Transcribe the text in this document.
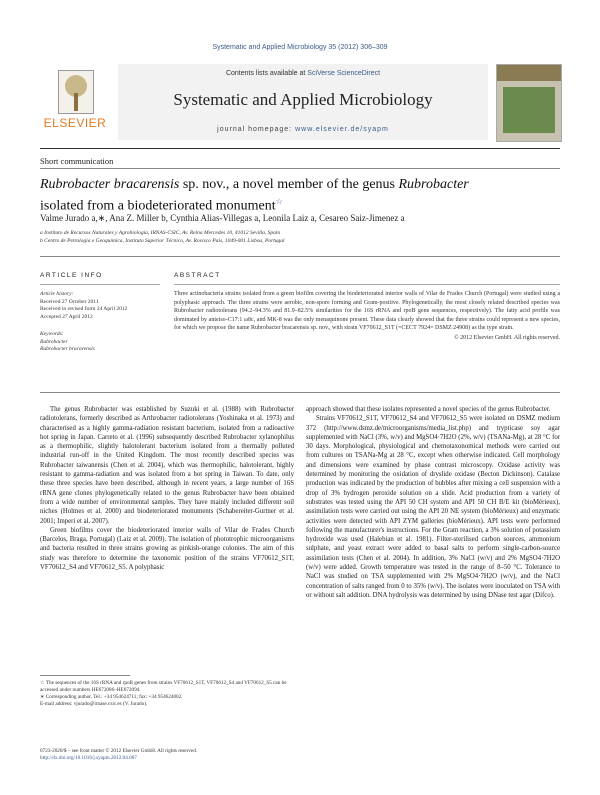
Systematic and Applied Microbiology 35 (2012) 306–309
ELSEVIER
Contents lists available at SciVerse ScienceDirect
Systematic and Applied Microbiology
journal homepage: www.elsevier.de/syapm
Short communication
Rubrobacter bracarensis sp. nov., a novel member of the genus Rubrobacter
isolated from a biodeteriorated monument☆
Valme Jurado a,∗, Ana Z. Miller b, Cynthia Alias-Villegas a, Leonila Laiz a, Cesareo Saiz-Jimenez a
a Instituto de Recursos Naturales y Agrobiología, IRNAS-CSIC, Av. Reina Mercedes 10, 41012 Sevilla, Spain
b Centro de Petrologia e Geoquímica, Instituto Superior Técnico, Av. Rovisco Pais, 1049-001 Lisboa, Portugal
ARTICLE INFO
Article history:
Received 27 October 2011
Received in revised form 24 April 2012
Accepted 27 April 2012
Keywords:
Rubrobacter
Rubrobacter bracarensis
ABSTRACT
Three actinobacteria strains isolated from a green biofilm covering the biodeteriorated interior walls of Vilar de Frades Church (Portugal) were studied using a polyphasic approach. The three strains were aerobic, non-spore forming and Gram-positive. Phylogenetically, the most closely related described species was Rubrobacter radiotolerans (94.2–94.3% and 81.9–82.5% similarities for the 16S rRNA and rpoB gene sequences, respectively). The fatty acid profile was dominated by anteiso-C17:1 ω8c, and MK-8 was the only menaquinone present. These data clearly showed that the three strains could represent a new species, for which we propose the name Rubrobacter bracarensis sp. nov., with strain VF70612_S1T (=CECT 7924= DSMZ 24908) as the type strain.
© 2012 Elsevier GmbH. All rights reserved.

The genus Rubrobacter was established by Suzuki et al. (1988) with Rubrobacter radiotolerans, formerly described as Arthrobacter radiotolerans (Yoshinaka et al. 1973) and characterised as a highly gamma-radiation resistant bacterium, isolated from a radioactive hot spring in Japan. Carreto et al. (1996) subsequently described Rubrobacter xylanophilus as a thermophilic, slightly halotolerant bacterium isolated from a thermally polluted industrial run-off in the United Kingdom. The most recently described species was Rubrobacter taiwanensis (Chen et al. 2004), which was thermophilic, halotolerant, highly resistant to gamma-radiation and was isolated from a hot spring in Taiwan. To date, only these three species have been described, although in recent years, a large number of 16S rRNA gene clones phylogenetically related to the genus Rubrobacter have been obtained from a wide number of environmental samples. They have mainly included different soil niches (Holmes et al. 2000) and biodeteriorated monuments (Schabereiter-Gurtner et al. 2001; Imperi et al. 2007).

Green biofilms cover the biodeteriorated interior walls of Vilar de Frades Church (Barcelos, Braga, Portugal) (Laiz et al. 2009). The isolation of phototrophic microorganisms and bacteria resulted in three strains growing as pinkish-orange colonies. The aim of this study was therefore to determine the taxonomic position of the strains VF70612_S1T, VF70612_S4 and VF70612_S5. A polyphasic

approach showed that these isolates represented a novel species of the genus Rubrobacter.

Strains VF70612_S1T, VF70612_S4 and VF70612_S5 were isolated on DSMZ medium 372 (http://www.dsmz.de/microorganisms/media_list.php) and trypticase soy agar supplemented with NaCl (3%, w/v) and MgSO4·7H2O (2%, w/v) (TSANa-Mg), at 28 °C for 30 days. Morphological, physiological and chemotaxonomical methods were carried out from cultures on TSANa-Mg at 28 °C, except when otherwise indicated. Cell morphology and dimensions were examined by phase contrast microscopy. Oxidase activity was determined by monitoring the oxidation of dryslide oxidase (Becton Dickinson). Catalase production was indicated by the production of bubbles after mixing a cell suspension with a drop of 3% hydrogen peroxide solution on a slide. Acid production from a variety of substrates was tested using the API 50 CH system and API 50 CH B/E kit (bioMérieux), assimilation tests were carried out using the API 20 NE system (bioMérieux) and enzymatic activities were detected with API ZYM galleries (bioMérieux). API tests were performed following the manufacturer's instructions. For the Gram reaction, a 3% solution of potassium hydroxide was used (Halebian et al. 1981). Filter-sterilised carbon sources, ammonium sulphate, and yeast extract were added to basal salts to perform single-carbon-source assimilation tests (Chen et al. 2004). In addition, 3% NaCl (w/v) and 2% MgSO4·7H2O (w/v) were added. Growth temperature was tested in the range of 8–50 °C. Tolerance to NaCl was studied on TSA supplemented with 2% MgSO4·7H2O (w/v), and the NaCl concentration of salts ranged from 0 to 35% (w/v). The isolates were inoculated on TSA with or without salt addition. DNA hydrolysis was determined by using DNase test agar (Difco).

☆ The sequences of the 16S rRNA and rpoB genes from strains VF70612_S1T, VF70612_S4 and VF70612_S5 can be accessed under numbers HE672086–HE672094.
∗ Corresponding author. Tel.: +34 954624711; fax: +34 954624002.
E-mail address: vjurado@irnase.csic.es (V. Jurado).
0723-2020/$ – see front matter © 2012 Elsevier GmbH. All rights reserved.
http://dx.doi.org/10.1016/j.syapm.2012.04.007
